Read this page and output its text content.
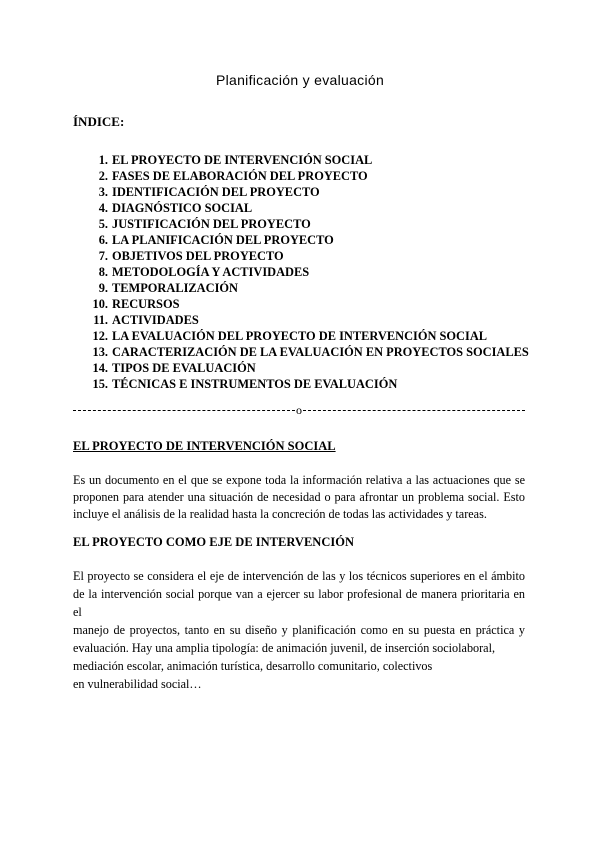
Planificación y evaluación
ÍNDICE:
1. EL PROYECTO DE INTERVENCIÓN SOCIAL
2. FASES DE ELABORACIÓN DEL PROYECTO
3. IDENTIFICACIÓN DEL PROYECTO
4. DIAGNÓSTICO SOCIAL
5. JUSTIFICACIÓN DEL PROYECTO
6. LA PLANIFICACIÓN DEL PROYECTO
7. OBJETIVOS DEL PROYECTO
8. METODOLOGÍA Y ACTIVIDADES
9. TEMPORALIZACIÓN
10. RECURSOS
11. ACTIVIDADES
12. LA EVALUACIÓN DEL PROYECTO DE INTERVENCIÓN SOCIAL
13. CARACTERIZACIÓN DE LA EVALUACIÓN EN PROYECTOS SOCIALES
14. TIPOS DE EVALUACIÓN
15. TÉCNICAS E INSTRUMENTOS DE EVALUACIÓN
o
EL PROYECTO DE INTERVENCIÓN SOCIAL
Es un documento en el que se expone toda la información relativa a las actuaciones que se proponen para atender una situación de necesidad o para afrontar un problema social. Esto incluye el análisis de la realidad hasta la concreción de todas las actividades y tareas.
EL PROYECTO COMO EJE DE INTERVENCIÓN
El proyecto se considera el eje de intervención de las y los técnicos superiores en el ámbito
de la intervención social porque van a ejercer su labor profesional de manera prioritaria en el
manejo de proyectos, tanto en su diseño y planificación como en su puesta en práctica y
evaluación. Hay una amplia tipología: de animación juvenil, de inserción sociolaboral,
mediación escolar, animación turística, desarrollo comunitario, colectivos
en vulnerabilidad social…
